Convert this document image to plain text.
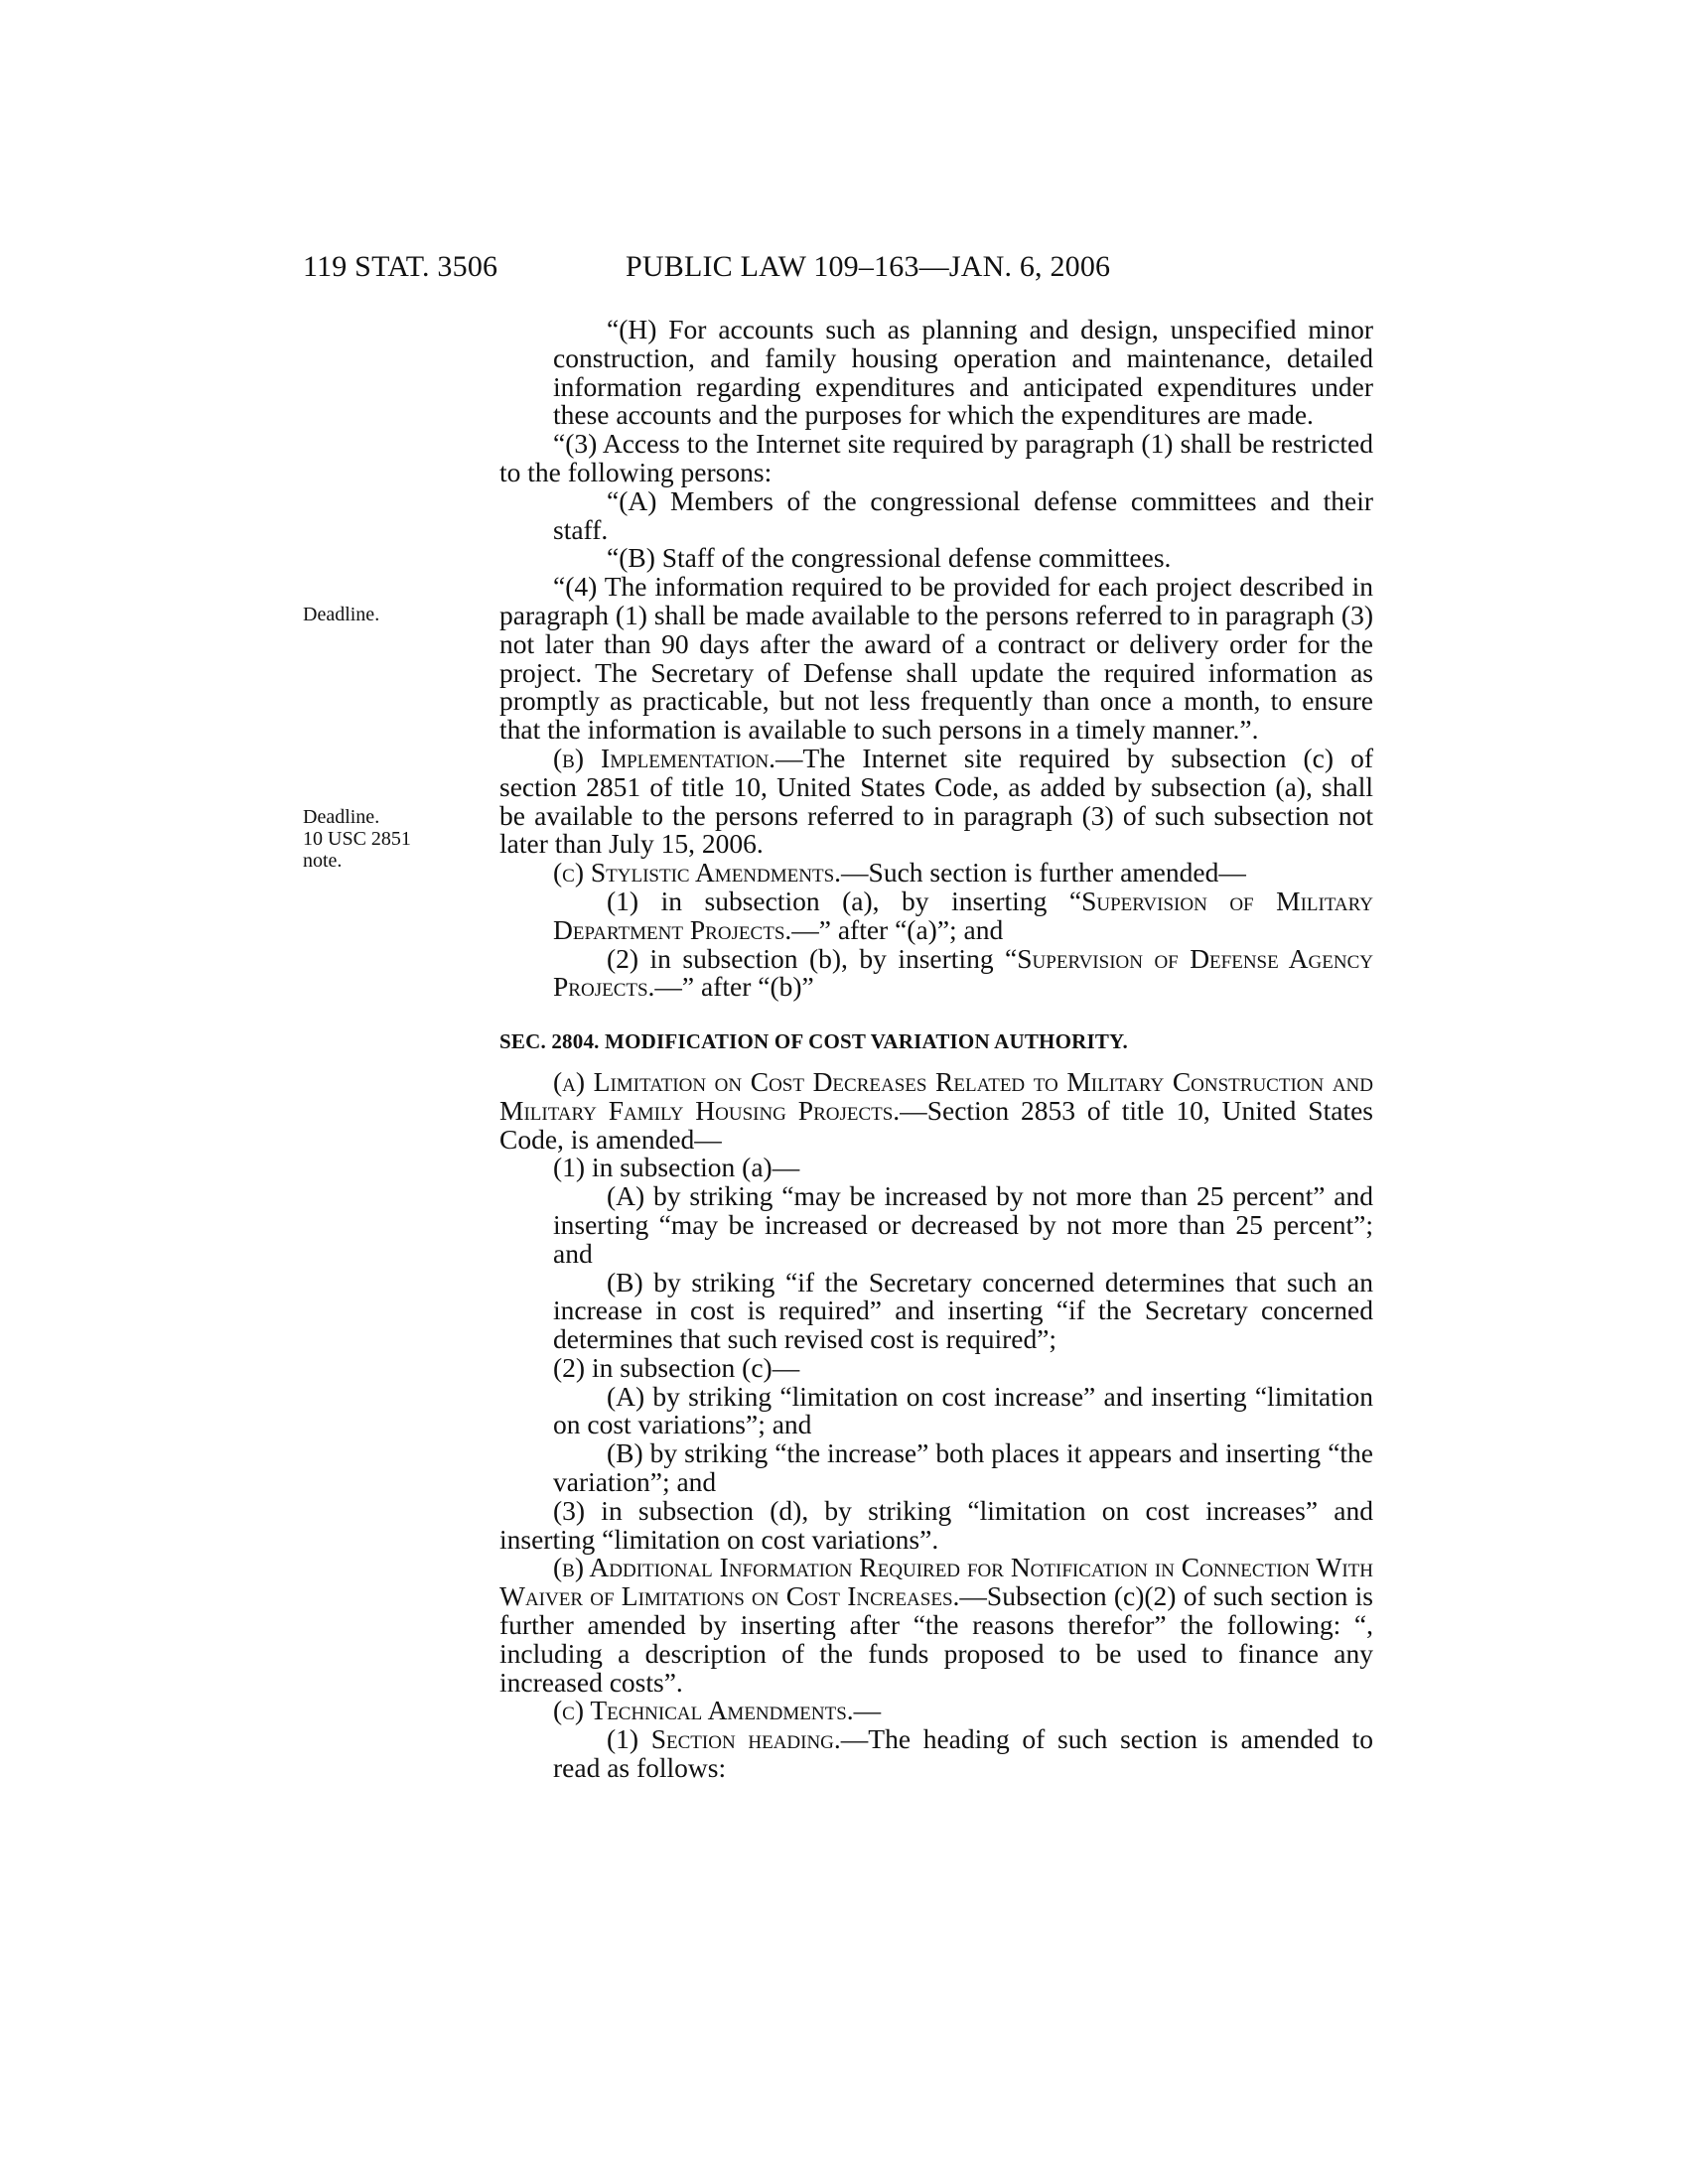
119 STAT. 3506	PUBLIC LAW 109–163—JAN. 6, 2006
Deadline.
Deadline.
10 USC 2851
note.

“(H) For accounts such as planning and design, unspecified minor construction, and family housing operation and maintenance, detailed information regarding expenditures and anticipated expenditures under these accounts and the purposes for which the expenditures are made.

“(3) Access to the Internet site required by paragraph (1) shall be restricted to the following persons:

“(A) Members of the congressional defense committees and their staff.

“(B) Staff of the congressional defense committees.

“(4) The information required to be provided for each project described in paragraph (1) shall be made available to the persons referred to in paragraph (3) not later than 90 days after the award of a contract or delivery order for the project. The Secretary of Defense shall update the required information as promptly as practicable, but not less frequently than once a month, to ensure that the information is available to such persons in a timely manner.”.

(b) Implementation.—The Internet site required by subsection (c) of section 2851 of title 10, United States Code, as added by subsection (a), shall be available to the persons referred to in paragraph (3) of such subsection not later than July 15, 2006.

(c) Stylistic Amendments.—Such section is further amended—

(1) in subsection (a), by inserting “Supervision of Military Department Projects.—” after “(a)”; and

(2) in subsection (b), by inserting “Supervision of Defense Agency Projects.—” after “(b)”

SEC. 2804. MODIFICATION OF COST VARIATION AUTHORITY.

(a) Limitation on Cost Decreases Related to Military Construction and Military Family Housing Projects.—Section 2853 of title 10, United States Code, is amended—

(1) in subsection (a)—

(A) by striking “may be increased by not more than 25 percent” and inserting “may be increased or decreased by not more than 25 percent”; and

(B) by striking “if the Secretary concerned determines that such an increase in cost is required” and inserting “if the Secretary concerned determines that such revised cost is required”;

(2) in subsection (c)—

(A) by striking “limitation on cost increase” and inserting “limitation on cost variations”; and

(B) by striking “the increase” both places it appears and inserting “the variation”; and

(3) in subsection (d), by striking “limitation on cost increases” and inserting “limitation on cost variations”.

(b) Additional Information Required for Notification in Connection With Waiver of Limitations on Cost Increases.—Subsection (c)(2) of such section is further amended by inserting after “the reasons therefor” the following: “, including a description of the funds proposed to be used to finance any increased costs”.

(c) Technical Amendments.—

(1) Section heading.—The heading of such section is amended to read as follows:
